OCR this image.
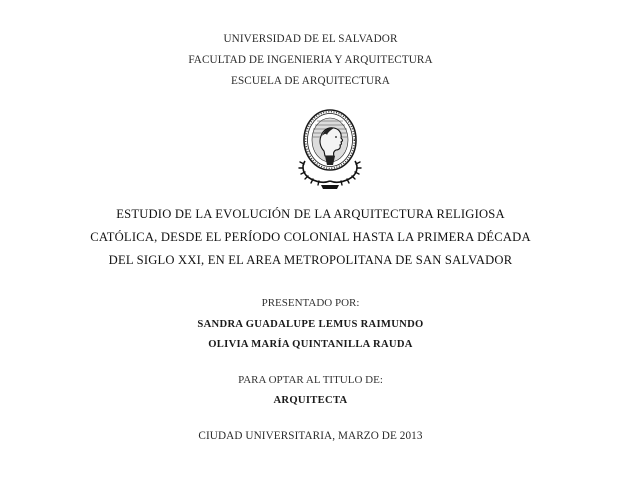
UNIVERSIDAD DE EL SALVADOR
FACULTAD DE INGENIERIA Y ARQUITECTURA
ESCUELA DE ARQUITECTURA
ESTUDIO DE LA EVOLUCIÓN DE LA ARQUITECTURA RELIGIOSA
CATÓLICA, DESDE EL PERÍODO COLONIAL HASTA LA PRIMERA DÉCADA
DEL SIGLO XXI, EN EL AREA METROPOLITANA DE SAN SALVADOR
PRESENTADO POR:
SANDRA GUADALUPE LEMUS RAIMUNDO
OLIVIA MARÍA QUINTANILLA RAUDA
PARA OPTAR AL TITULO DE:
ARQUITECTA
CIUDAD UNIVERSITARIA, MARZO DE 2013
